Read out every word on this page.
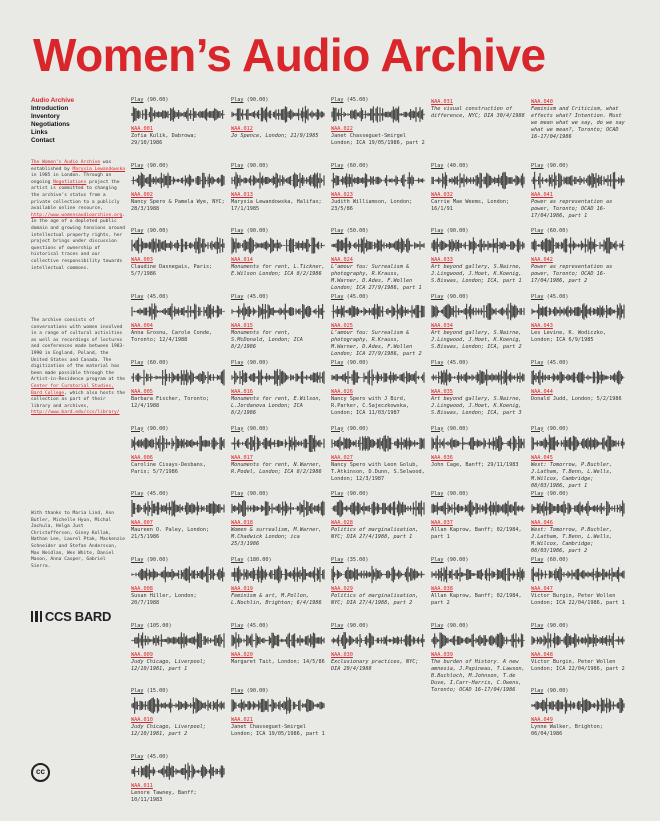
Women’s Audio Archive
Audio Archive
Introduction
Inventory
Negotiations
Links
Contact

The Women’s Audio Archive was established by Marysia Lewandowska in 1985 in London. Through an ongoing Negotiations project the artist is committed to changing the archive’s status from a private collection to a publicly available online resource, http://www.womensaudioarchive.org. In the age of a depleted public domain and growing tensions around intellectual property rights, her project brings under discussion questions of ownership of historical traces and our collective responsibility towards intellectual commons.

The archive consists of conversations with women involved in a range of cultural activities as well as recordings of lectures and conferences made between 1983-1990 in England, Poland, the United States and Canada. The digitization of the material has been made possible through the Artist-in-Residence program at the Center for Curatorial Studies, Bard College, which also hosts the collection as part of their library and archives, http://www.bard.edu/ccs/library/

With thanks to Maria Lind, Ann Butler, Michelle Hyun, Michal Jachula, Helga Just Christoffersen, Ginny Kollak, Nathan Lee, Laurel Ptak, Mackenzie Schneider and Stefan Andersson, Max Neidlan, Wes White, Daniel Mason, Anna Casper, Gabriel Sierra.

CCS BARD
cc
Play (90.00)
WAA.001
Zofia Kulik, Dabrowa; 29/10/1986
Play (90.00)
WAA.002
Nancy Spero & Pamela Wye, NYC; 28/3/1988
Play (90.00)
WAA.003
Claudine Dasnegais, Paris; 5/7/1986
Play (45.00)
WAA.004
Anna Grosnu, Carole Conde, Toronto; 12/4/1988
Play (60.00)
WAA.005
Barbara Fischer, Toronto; 12/4/1988
Play (90.00)
WAA.006
Caroline Cisays-Desbans, Paris; 5/7/1986
Play (45.00)
WAA.007
Maureen O. Paley, London; 21/5/1986
Play (90.00)
WAA.008
Susan Hiller, London; 20/7/1988
Play (105.00)
WAA.009
Judy Chicago, Liverpool; 12/10/1981, part 1
Play (15.00)
WAA.010
Judy Chicago, Liverpool; 12/10/1981, part 2
Play (45.00)
WAA.011
Lenore Tawney, Banff; 10/11/1983
Play (90.00)
WAA.012
Jo Spence, London; 21/9/1985
Play (90.00)
WAA.013
Marysia Lewandowska, Halifax; 17/1/1985
Play (90.00)
WAA.014
Monuments for rent, L.Tickner, E.Wilson London; ICA 8/2/1986
Play (45.00)
WAA.015
Monuments for rent, S.McDonald, London; ICA 8/2/1986
Play (90.00)
WAA.016
Monuments for rent, E.Wilson, L.Jordanova London; ICA 8/2/1986
Play (90.00)
WAA.017
Monuments for rent, N.Warner, R.Podel, London; ICA 8/2/1986
Play (90.00)
WAA.018
Women & surrealism, M.Warner, M.Chadwick London; ica 25/3/1986
Play (180.00)
WAA.019
Feminism & art, M.Pollon, L.Nochlin, Brighton; 6/4/1986
Play (45.00)
WAA.020
Margaret Tait, London; 14/5/86
Play (90.00)
WAA.021
Janet Chasseguet-Smirgel London; ICA 19/05/1986, part 1
Play (45.00)
WAA.022
Janet Chasseguet-Smirgel London; ICA 19/05/1986, part 2
Play (60.00)
WAA.023
Judith Williamson, London; 23/5/86
Play (50.00)
WAA.024
L’amour fou: Surrealism & photography, R.Krauss, M.Warner, D.Ades, F.Wollen London; ICA 27/9/1986, part 1
Play (45.00)
WAA.025
L’amour fou: Surrealism & photography, R.Krauss, M.Warner, D.Ades, F.Wollen London; ICA 27/9/1986, part 2
Play (90.00)
WAA.026
Nancy Spero with J Bird, R.Parker, C.Sajeczkowska, London; ICA 11/03/1987
Play (90.00)
WAA.027
Nancy Spero with Leon Golub, T.Atkinson, D.Dunn, S.Selwood, London; 12/3/1987
Play (90.00)
WAA.028
Politics of marginalisation, NYC; DIA 27/4/1988, part 1
Play (35.00)
WAA.029
Politics of marginalisation, NYC; DIA 27/4/1988, part 2
Play (90.00)
WAA.030
Exclusionary practices, NYC; DIA 29/4/1988
WAA.031
The visual construction of difference, NYC; DIA 30/4/1988
Play (40.00)
WAA.032
Carrie Mae Weems, London; 16/1/91
Play (90.00)
WAA.033
Art beyond gallery, S.Nairne, J.Lingwood, J.Hoet, K.Koenig, S.Biswas, London; ICA, part 1
Play (90.00)
WAA.034
Art beyond gallery, S.Nairne, J.Lingwood, J.Hoet, K.Koenig, S.Biswas, London; ICA, part 2
Play (45.00)
WAA.035
Art beyond gallery, S.Nairne, J.Lingwood, J.Hoet, K.Koenig, S.Biswas, London; ICA, part 3
Play (90.00)
WAA.036
John Cage, Banff; 29/11/1983
Play (90.00)
WAA.037
Allan Kaprow, Banff; 02/1984, part 1
Play (90.00)
WAA.038
Allan Kaprow, Banff; 02/1984, part 2
Play (90.00)
WAA.039
The burden of History. A new amnesia, J.Papineau, T.Lawson, B.Buchloch, M.Johnson, T.de Duve, I.Carr-Harris, C.Owens, Toronto; OCAD 16-17/04/1986
WAA.040
Feminism and Criticism, what effects what? Intention. Must we mean what we say, do we say what we mean?, Toronto; OCAD 16-17/04/1986
Play (90.00)
WAA.041
Power as representation as power, Toronto; OCAD 16-17/04/1986, part 1
Play (60.00)
WAA.042
Power as representation as power, Toronto; OCAD 16-17/04/1986, part 2
Play (45.00)
WAA.043
Les Levine, K. Wodiczko, London; ICA 6/9/1985
Play (45.00)
WAA.044
Donald Judd, London; 5/2/1986
Play (90.00)
WAA.045
West: Tomorrow, P.Buchler, J.Latham, T.Benn, L.Wells, M.Wilcox, Cambridge; 08/03/1986, part 1
Play (90.00)
WAA.046
West: Tomorrow, P.Buchler, J.Latham, T.Benn, L.Wells, M.Wilcox, Cambridge; 08/03/1986, part 2
Play (60.00)
WAA.047
Victor Burgin, Peter Wollen London; ICA 22/04/1986, part 1
Play (90.00)
WAA.048
Victor Burgin, Peter Wollen London; ICA 22/04/1986, part 2
Play (90.00)
WAA.049
Lynne Walker, Brighton; 06/04/1986
